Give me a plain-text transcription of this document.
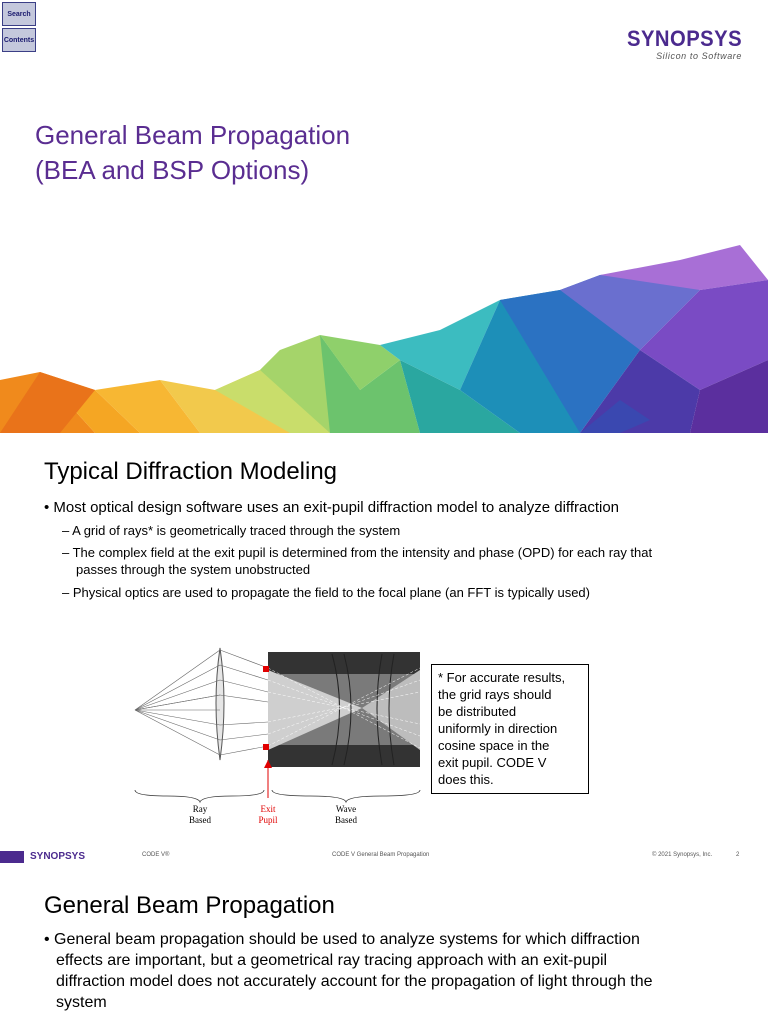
Search
Contents	SYNOPSYS
Silicon to Software
General Beam Propagation
(BEA and BSP Options)
Typical Diffraction Modeling
• Most optical design software uses an exit-pupil diffraction model to analyze diffraction
– A grid of rays* is geometrically traced through the system
– The complex field at the exit pupil is determined from the intensity and phase (OPD) for each ray that
passes through the system unobstructed
– Physical optics are used to propagate the field to the focal plane (an FFT is typically used)
Ray
Based
Exit
Pupil
Wave
Based
* For accurate results,
the grid rays should
be distributed
uniformly in direction
cosine space in the
exit pupil. CODE V
does this.
SYNOPSYS	CODE V®	CODE V General Beam Propagation	© 2021 Synopsys, Inc.	2
General Beam Propagation
• General beam propagation should be used to analyze systems for which diffraction
effects are important, but a geometrical ray tracing approach with an exit-pupil
diffraction model does not accurately account for the propagation of light through the
system
